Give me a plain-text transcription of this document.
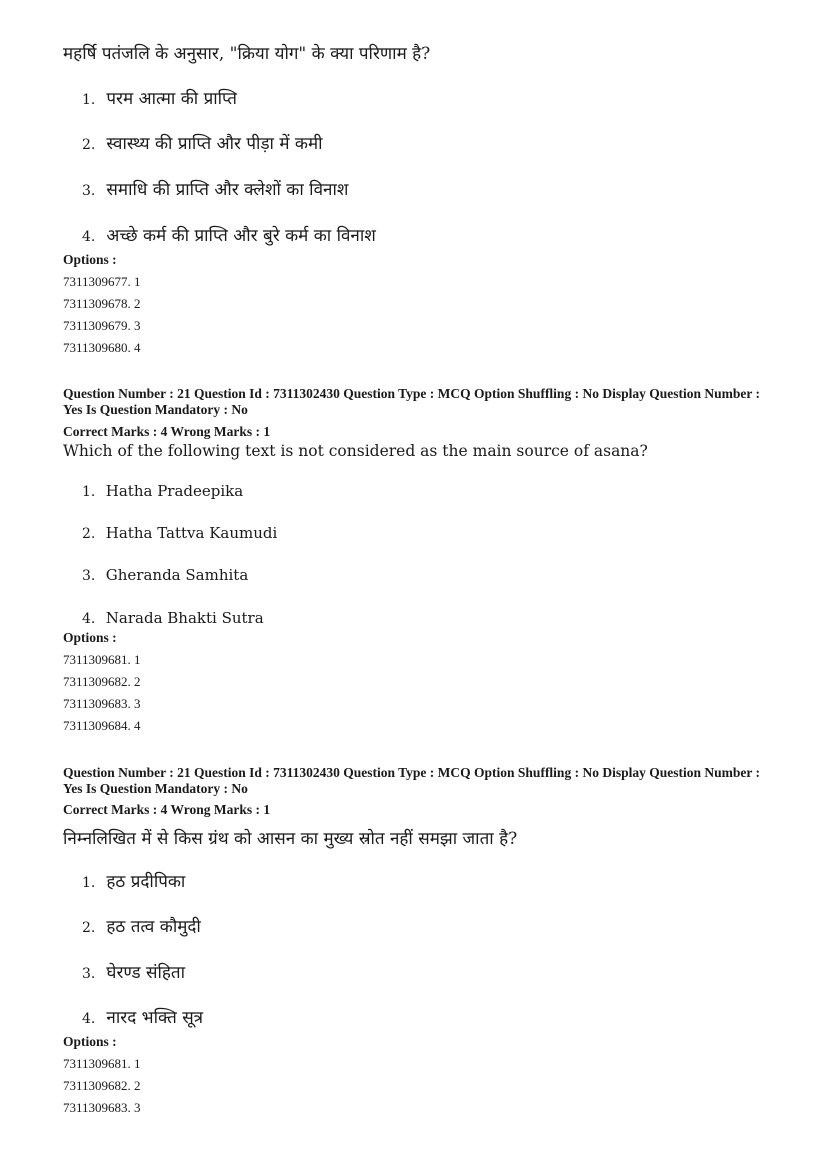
महर्षि पतंजलि के अनुसार, "क्रिया योग" के क्या परिणाम है?
1. परम आत्मा की प्राप्ति
2. स्वास्थ्य की प्राप्ति और पीड़ा में कमी
3. समाधि की प्राप्ति और क्लेशों का विनाश
4. अच्छे कर्म की प्राप्ति और बुरे कर्म का विनाश
Options :
7311309677. 1
7311309678. 2
7311309679. 3
7311309680. 4
Question Number : 21 Question Id : 7311302430 Question Type : MCQ Option Shuffling : No Display Question Number : Yes Is Question Mandatory : No
Correct Marks : 4 Wrong Marks : 1
Which of the following text is not considered as the main source of asana?
1. Hatha Pradeepika
2. Hatha Tattva Kaumudi
3. Gheranda Samhita
4. Narada Bhakti Sutra
Options :
7311309681. 1
7311309682. 2
7311309683. 3
7311309684. 4
Question Number : 21 Question Id : 7311302430 Question Type : MCQ Option Shuffling : No Display Question Number : Yes Is Question Mandatory : No
Correct Marks : 4 Wrong Marks : 1
निम्नलिखित में से किस ग्रंथ को आसन का मुख्य स्रोत नहीं समझा जाता है?
1. हठ प्रदीपिका
2. हठ तत्व कौमुदी
3. घेरण्ड संहिता
4. नारद भक्ति सूत्र
Options :
7311309681. 1
7311309682. 2
7311309683. 3
